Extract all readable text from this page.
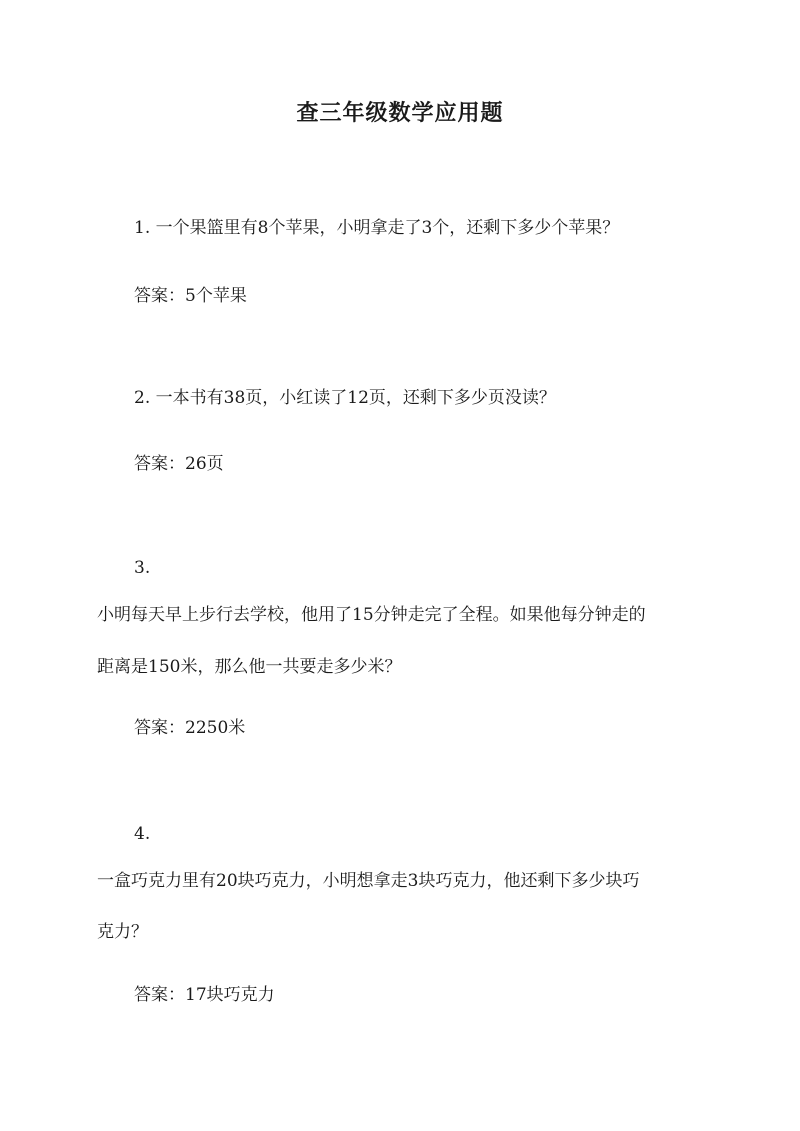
查三年级数学应用题
1. 一个果篮里有8个苹果，小明拿走了3个，还剩下多少个苹果？
答案：5个苹果
2. 一本书有38页，小红读了12页，还剩下多少页没读？
答案：26页
3.
小明每天早上步行去学校，他用了15分钟走完了全程。如果他每分钟走的
距离是150米，那么他一共要走多少米？
答案：2250米
4.
一盒巧克力里有20块巧克力，小明想拿走3块巧克力，他还剩下多少块巧
克力？
答案：17块巧克力
